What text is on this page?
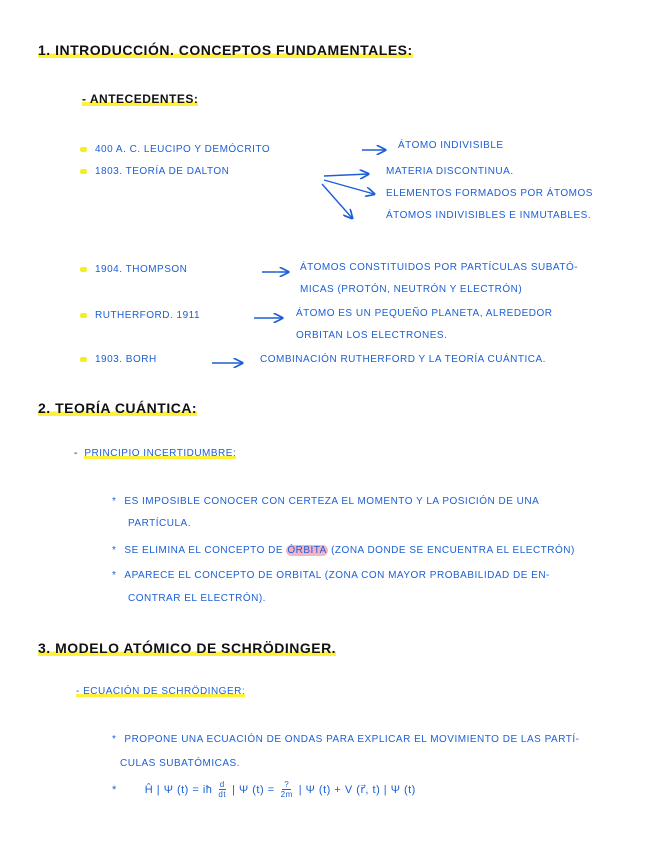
1. INTRODUCCIÓN. CONCEPTOS FUNDAMENTALES:
- ANTECEDENTES:
400 A. C. LEUCIPO Y DEMÓCRITO	ÁTOMO INDIVISIBLE
1803. TEORÍA DE DALTON	MATERIA DISCONTINUA.
ELEMENTOS FORMADOS POR ÁTOMOS
ÁTOMOS INDIVISIBLES E INMUTABLES.
1904. THOMPSON	ÁTOMOS CONSTITUIDOS POR PARTÍCULAS SUBATÓ-
MICAS (PROTÓN, NEUTRÓN Y ELECTRÓN)
RUTHERFORD. 1911	ÁTOMO ES UN PEQUEÑO PLANETA, ALREDEDOR
ORBITAN LOS ELECTRONES.
1903. BORH	COMBINACIÓN RUTHERFORD Y LA TEORÍA CUÁNTICA.
2. TEORÍA CUÁNTICA:
-  PRINCIPIO INCERTIDUMBRE:
* ES IMPOSIBLE CONOCER CON CERTEZA EL MOMENTO Y LA POSICIÓN DE UNA
PARTÍCULA.
* SE ELIMINA EL CONCEPTO DE ÓRBITA (ZONA DONDE SE ENCUENTRA EL ELECTRÓN)
* APARECE EL CONCEPTO DE ORBITAL (ZONA CON MAYOR PROBABILIDAD DE EN-
CONTRAR EL ELECTRÓN).
3. MODELO ATÓMICO DE SCHRÖDINGER.
- ECUACIÓN DE SCHRÖDINGER:
* PROPONE UNA ECUACIÓN DE ONDAS PARA EXPLICAR EL MOVIMIENTO DE LAS PARTÍ-
CULAS SUBATÓMICAS.
*	Ĥ | Ψ (t) = iħ d
dt | Ψ (t) = ?
2m | Ψ (t) + V (r⃗, t) | Ψ (t)
